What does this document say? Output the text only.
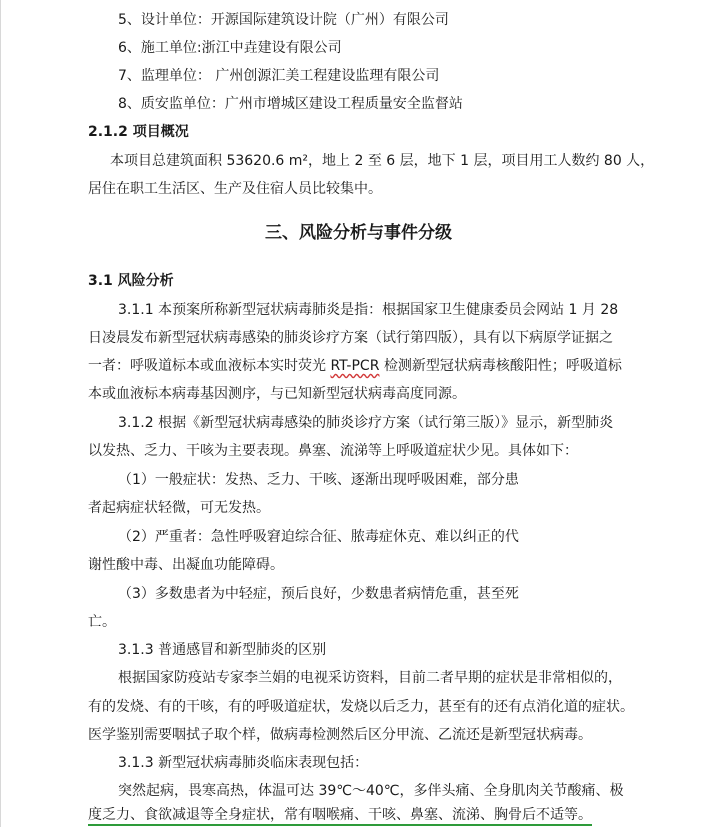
5、设计单位：开源国际建筑设计院（广州）有限公司
6、施工单位:浙江中垚建设有限公司
7、监理单位： 广州创源汇美工程建设监理有限公司
8、质安监单位：广州市增城区建设工程质量安全监督站
2.1.2 项目概况
本项目总建筑面积 53620.6 m²，地上 2 至 6 层，地下 1 层，项目用工人数约 80 人，
居住在职工生活区、生产及住宿人员比较集中。
三、风险分析与事件分级
3.1 风险分析
3.1.1 本预案所称新型冠状病毒肺炎是指：根据国家卫生健康委员会网站 1 月 28
日凌晨发布新型冠状病毒感染的肺炎诊疗方案（试行第四版），具有以下病原学证据之
一者：呼吸道标本或血液标本实时荧光 RT-PCR 检测新型冠状病毒核酸阳性；呼吸道标
本或血液标本病毒基因测序，与已知新型冠状病毒高度同源。
3.1.2 根据《新型冠状病毒感染的肺炎诊疗方案（试行第三版）》显示，新型肺炎
以发热、乏力、干咳为主要表现。鼻塞、流涕等上呼吸道症状少见。具体如下：
（1）一般症状：发热、乏力、干咳、逐渐出现呼吸困难，部分患
者起病症状轻微，可无发热。
（2）严重者：急性呼吸窘迫综合征、脓毒症休克、难以纠正的代
谢性酸中毒、出凝血功能障碍。
（3）多数患者为中轻症，预后良好，少数患者病情危重，甚至死
亡。
3.1.3 普通感冒和新型肺炎的区别
根据国家防疫站专家李兰娟的电视采访资料，目前二者早期的症状是非常相似的，
有的发烧、有的干咳，有的呼吸道症状，发烧以后乏力，甚至有的还有点消化道的症状。
医学鉴别需要咽拭子取个样，做病毒检测然后区分甲流、乙流还是新型冠状病毒。
3.1.3 新型冠状病毒肺炎临床表现包括：
突然起病，畏寒高热，体温可达 39℃～40℃，多伴头痛、全身肌肉关节酸痛、极
度乏力、食欲减退等全身症状，常有咽喉痛、干咳、鼻塞、流涕、胸骨后不适等。
